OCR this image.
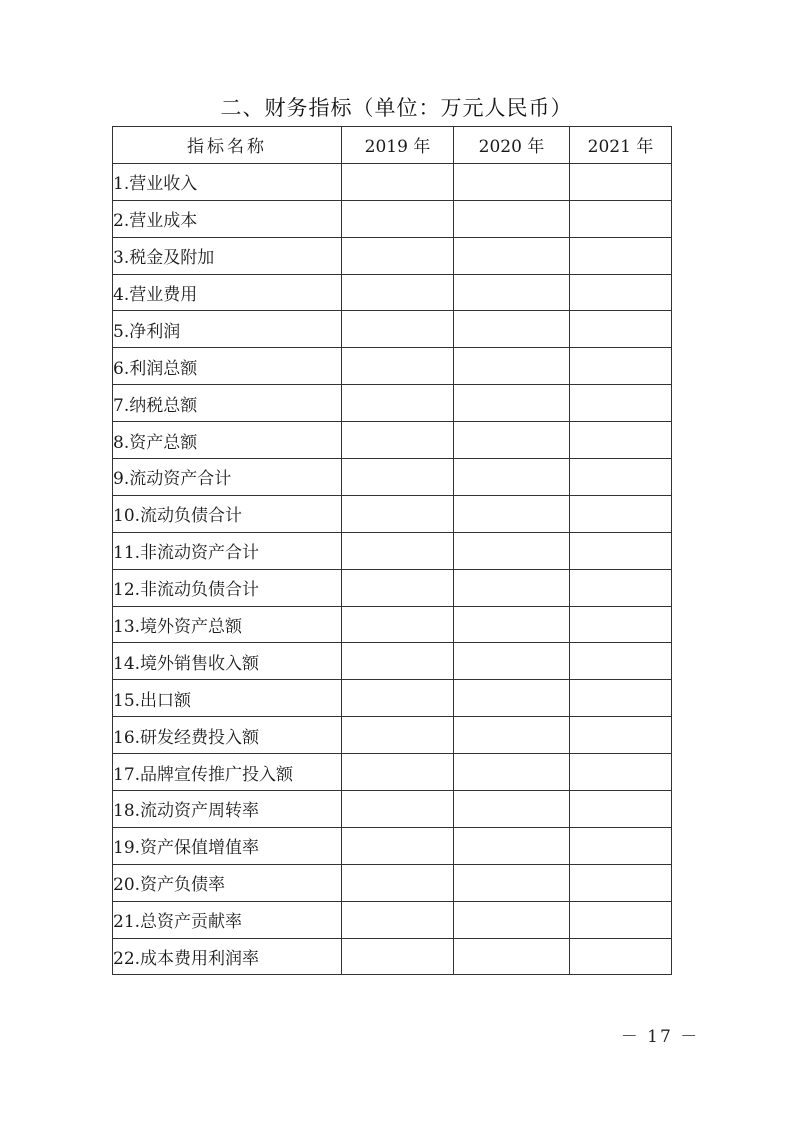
二、财务指标（单位：万元人民币）
指标名称	2019 年	2020 年	2021 年
1.营业收入			
2.营业成本			
3.税金及附加			
4.营业费用			
5.净利润			
6.利润总额			
7.纳税总额			
8.资产总额			
9.流动资产合计			
10.流动负债合计			
11.非流动资产合计			
12.非流动负债合计			
13.境外资产总额			
14.境外销售收入额			
15.出口额			
16.研发经费投入额			
17.品牌宣传推广投入额			
18.流动资产周转率			
19.资产保值增值率			
20.资产负债率			
21.总资产贡献率			
22.成本费用利润率			
－ 17 －
